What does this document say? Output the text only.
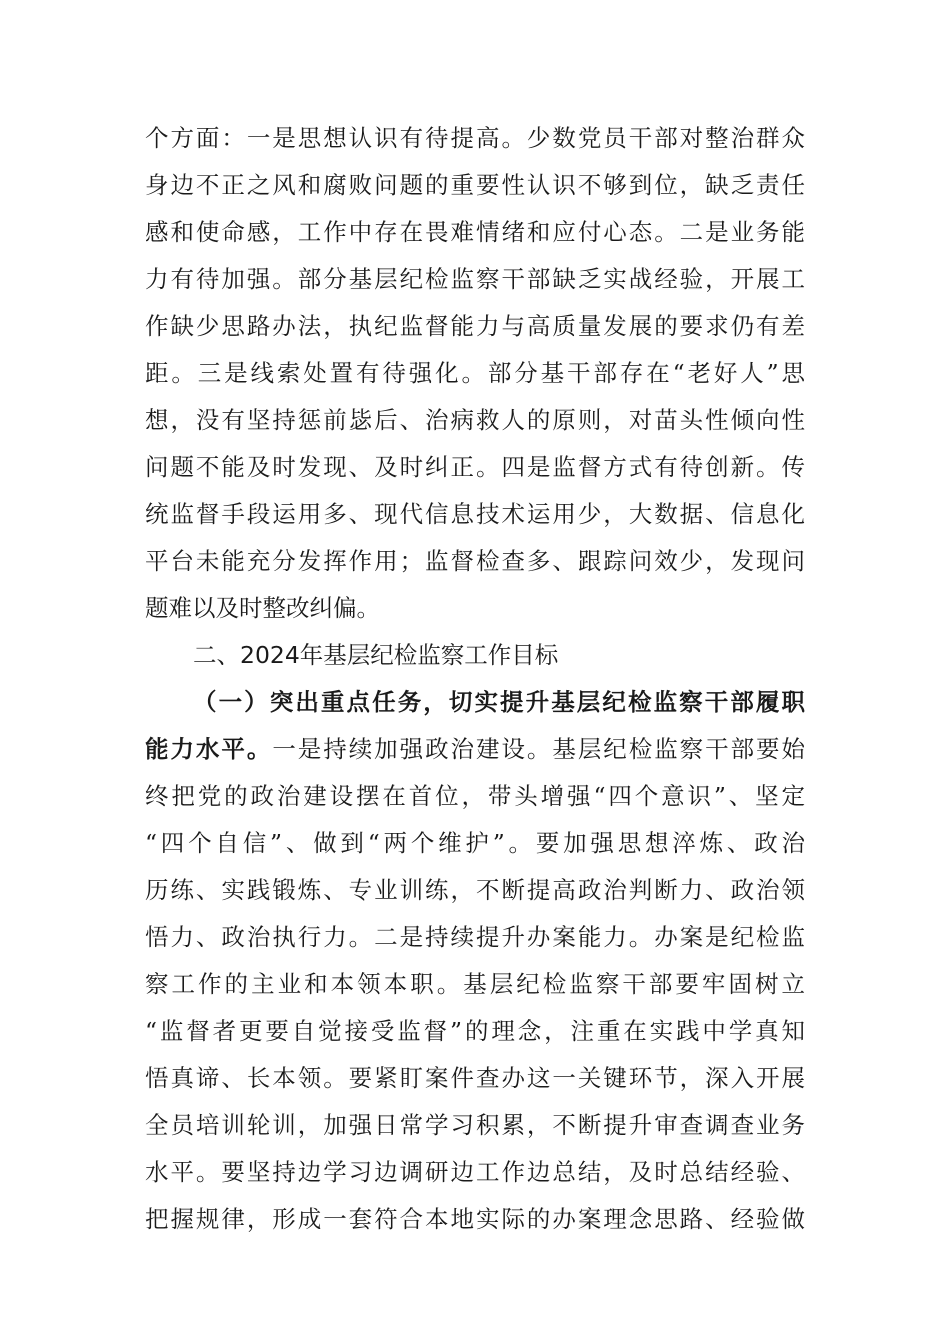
个方面：一是思想认识有待提高。少数党员干部对整治群众
身边不正之风和腐败问题的重要性认识不够到位，缺乏责任
感和使命感，工作中存在畏难情绪和应付心态。二是业务能
力有待加强。部分基层纪检监察干部缺乏实战经验，开展工
作缺少思路办法，执纪监督能力与高质量发展的要求仍有差
距。三是线索处置有待强化。部分基干部存在“老好人”思
想，没有坚持惩前毖后、治病救人的原则，对苗头性倾向性
问题不能及时发现、及时纠正。四是监督方式有待创新。传
统监督手段运用多、现代信息技术运用少，大数据、信息化
平台未能充分发挥作用；监督检查多、跟踪问效少，发现问
题难以及时整改纠偏。
二、2024年基层纪检监察工作目标
（一）突出重点任务，切实提升基层纪检监察干部履职
能力水平。一是持续加强政治建设。基层纪检监察干部要始
终把党的政治建设摆在首位，带头增强“四个意识”、坚定
“四个自信”、做到“两个维护”。要加强思想淬炼、政治
历练、实践锻炼、专业训练，不断提高政治判断力、政治领
悟力、政治执行力。二是持续提升办案能力。办案是纪检监
察工作的主业和本领本职。基层纪检监察干部要牢固树立
“监督者更要自觉接受监督”的理念，注重在实践中学真知
悟真谛、长本领。要紧盯案件查办这一关键环节，深入开展
全员培训轮训，加强日常学习积累，不断提升审查调查业务
水平。要坚持边学习边调研边工作边总结，及时总结经验、
把握规律，形成一套符合本地实际的办案理念思路、经验做
